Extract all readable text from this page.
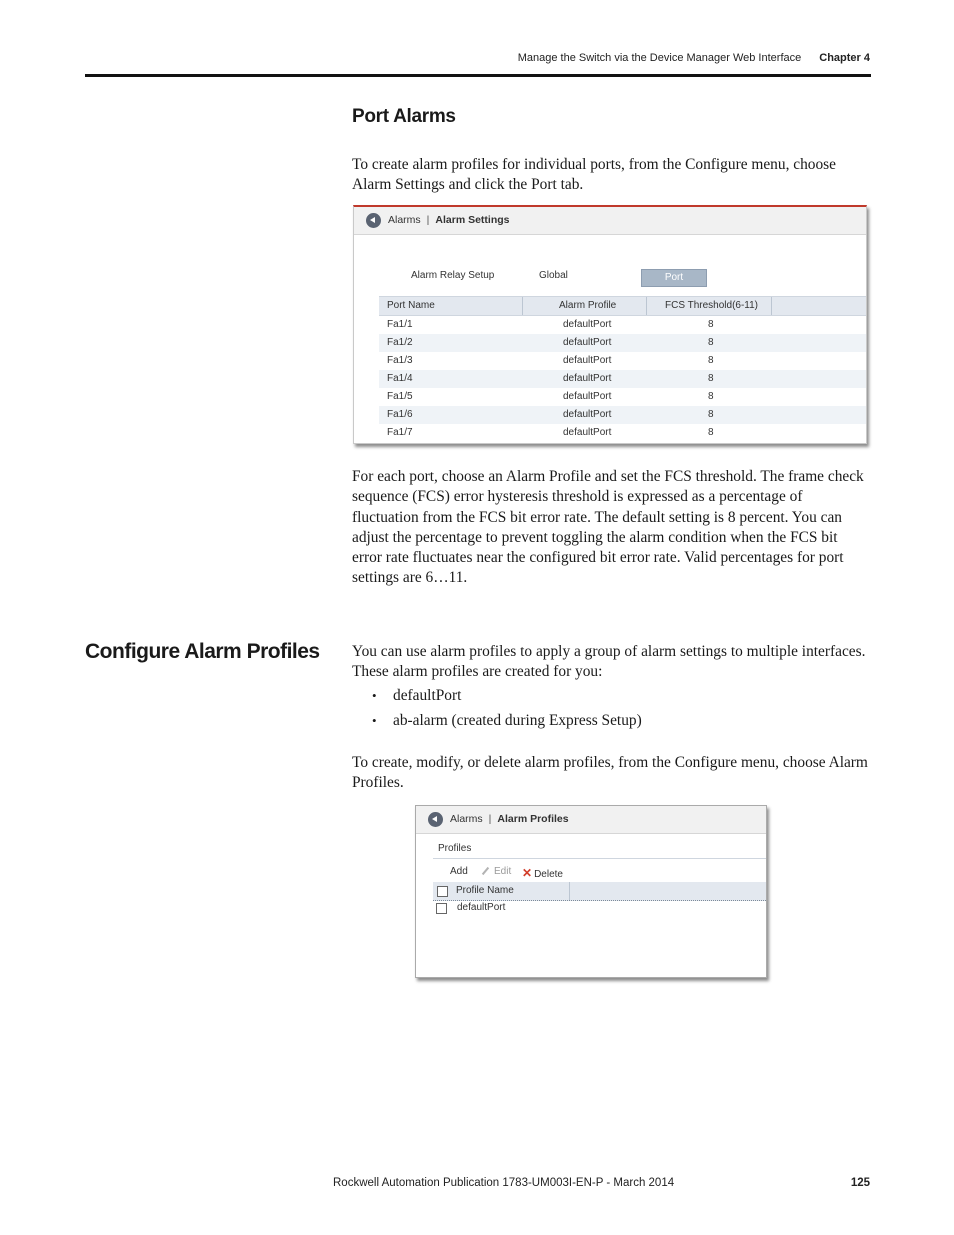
Manage the Switch via the Device Manager Web Interface Chapter 4
Port Alarms

To create alarm profiles for individual ports, from the Configure menu, choose Alarm Settings and click the Port tab.

Alarms | Alarm Settings
Alarm Relay Setup	Global	Port
Port Name	Alarm Profile	FCS Threshold(6-11)
Fa1/1	defaultPort	8
Fa1/2	defaultPort	8
Fa1/3	defaultPort	8
Fa1/4	defaultPort	8
Fa1/5	defaultPort	8
Fa1/6	defaultPort	8
Fa1/7	defaultPort	8

For each port, choose an Alarm Profile and set the FCS threshold. The frame check sequence (FCS) error hysteresis threshold is expressed as a percentage of fluctuation from the FCS bit error rate. The default setting is 8 percent. You can adjust the percentage to prevent toggling the alarm condition when the FCS bit error rate fluctuates near the configured bit error rate. Valid percentages for port settings are 6…11.

Configure Alarm Profiles You can use alarm profiles to apply a group of alarm settings to multiple interfaces. These alarm profiles are created for you:

• defaultPort
• ab-alarm (created during Express Setup)

To create, modify, or delete alarm profiles, from the Configure menu, choose Alarm Profiles.

Alarms | Alarm Profiles
Profiles
Add	Edit ✕ Delete
Profile Name
defaultPort
Rockwell Automation Publication 1783-UM003I-EN-P - March 2014	125
